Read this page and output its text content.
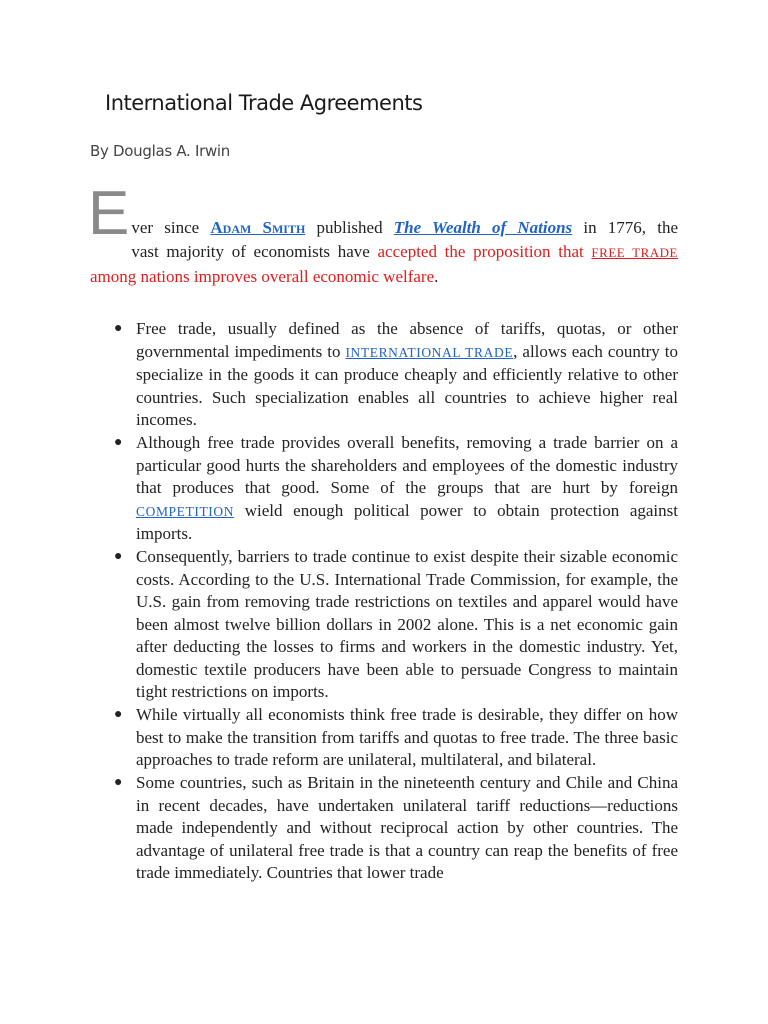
International Trade Agreements

By Douglas A. Irwin

E ver since Adam Smith published The Wealth of Nations in 1776, the
vast majority of economists have accepted the proposition that FREE TRADE among nations improves overall economic welfare.

● Free trade, usually defined as the absence of tariffs, quotas, or other governmental impediments to INTERNATIONAL TRADE, allows each country to specialize in the goods it can produce cheaply and efficiently relative to other countries. Such specialization enables all countries to achieve higher real incomes.
● Although free trade provides overall benefits, removing a trade barrier on a particular good hurts the shareholders and employees of the domestic industry that produces that good. Some of the groups that are hurt by foreign COMPETITION wield enough political power to obtain protection against imports.
● Consequently, barriers to trade continue to exist despite their sizable economic costs. According to the U.S. International Trade Commission, for example, the U.S. gain from removing trade restrictions on textiles and apparel would have been almost twelve billion dollars in 2002 alone. This is a net economic gain after deducting the losses to firms and workers in the domestic industry. Yet, domestic textile producers have been able to persuade Congress to maintain tight restrictions on imports.
● While virtually all economists think free trade is desirable, they differ on how best to make the transition from tariffs and quotas to free trade. The three basic approaches to trade reform are unilateral, multilateral, and bilateral.
● Some countries, such as Britain in the nineteenth century and Chile and China in recent decades, have undertaken unilateral tariff reductions—reductions made independently and without reciprocal action by other countries. The advantage of unilateral free trade is that a country can reap the benefits of free trade immediately. Countries that lower trade
